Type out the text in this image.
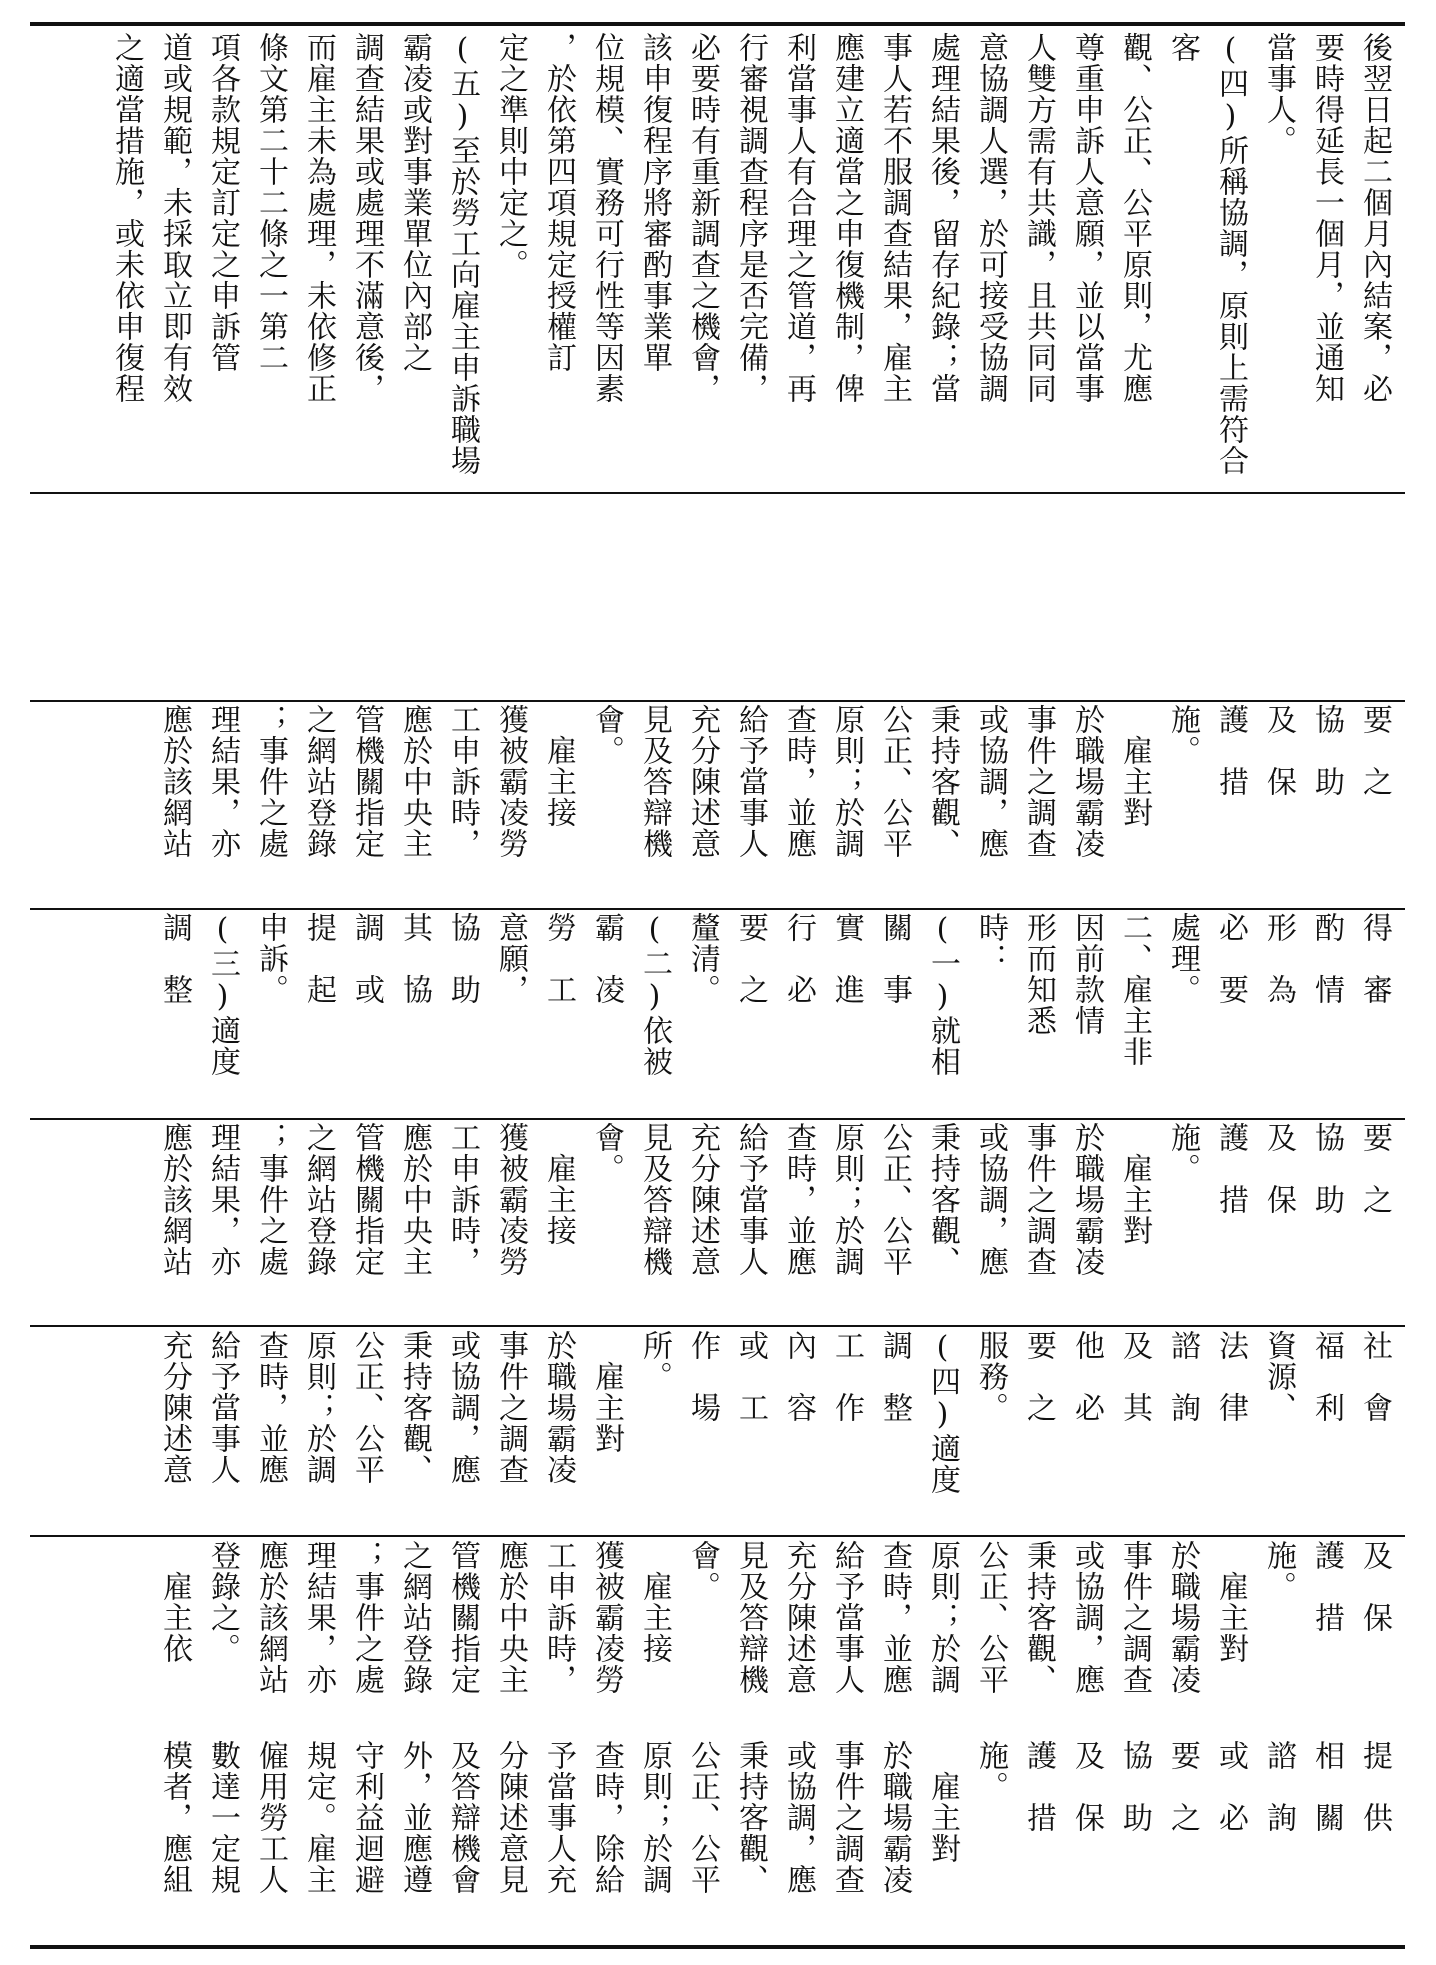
後翌日起二個月內結案，必
要時得延長一個月，並通知
當事人。
(四)所稱協調，原則上需符合客
觀、公正、公平原則，尤應
尊重申訴人意願，並以當事
人雙方需有共識，且共同同
意協調人選，於可接受協調
處理結果後，留存紀錄；當
事人若不服調查結果，雇主
應建立適當之申復機制，俾
利當事人有合理之管道，再
行審視調查程序是否完備，
必要時有重新調查之機會，
該申復程序將審酌事業單
位規模、實務可行性等因素
，於依第四項規定授權訂
定之準則中定之。
(五)至於勞工向雇主申訴職場
霸凌或對事業單位內部之
調查結果或處理不滿意後，
而雇主未為處理，未依修正
條文第二十二條之一第二
項各款規定訂定之申訴管
道或規範，未採取立即有效
之適當措施，或未依申復程
要　之
協　助
及　保
護　措
施。
　雇主對
於職場霸凌
事件之調查
或協調，應
秉持客觀、
公正、公平
原則；於調
查時，並應
給予當事人
充分陳述意
見及答辯機
會。
　雇主接
獲被霸凌勞
工申訴時，
應於中央主
管機關指定
之網站登錄
；事件之處
理結果，亦
應於該網站
得　審
酌　情
形　為
必　要
處理。
二、雇主非
因前款情
形而知悉
時：
(一)就相
關　事
實　進
行　必
要　之
釐清。
(二)依被
霸　凌
勞　工
意願，
協　助
其　協
調　或
提　起
申訴。
(三)適度
調　整
要　之
協　助
及　保
護　措
施。
　雇主對
於職場霸凌
事件之調查
或協調，應
秉持客觀、
公正、公平
原則；於調
查時，並應
給予當事人
充分陳述意
見及答辯機
會。
　雇主接
獲被霸凌勞
工申訴時，
應於中央主
管機關指定
之網站登錄
；事件之處
理結果，亦
應於該網站
社　會
福　利
資源、
法　律
諮　詢
及　其
他　必
要　之
服務。
(四)適度
調　整
工　作
內　容
或　工
作　場
所。
　雇主對
於職場霸凌
事件之調查
或協調，應
秉持客觀、
公正、公平
原則；於調
查時，並應
給予當事人
充分陳述意
及　保
護　措
施。
　雇主對
於職場霸凌
事件之調查
或協調，應
秉持客觀、
公正、公平
原則；於調
查時，並應
給予當事人
充分陳述意
見及答辯機
會。
　雇主接
獲被霸凌勞
工申訴時，
應於中央主
管機關指定
之網站登錄
；事件之處
理結果，亦
應於該網站
登錄之。
　雇主依
提　供
相　關
諮　詢
或　必
要　之
協　助
及　保
護　措
施。
　雇主對
於職場霸凌
事件之調查
或協調，應
秉持客觀、
公正、公平
原則；於調
查時，除給
予當事人充
分陳述意見
及答辯機會
外，並應遵
守利益迴避
規定。雇主
僱用勞工人
數達一定規
模者，應組
